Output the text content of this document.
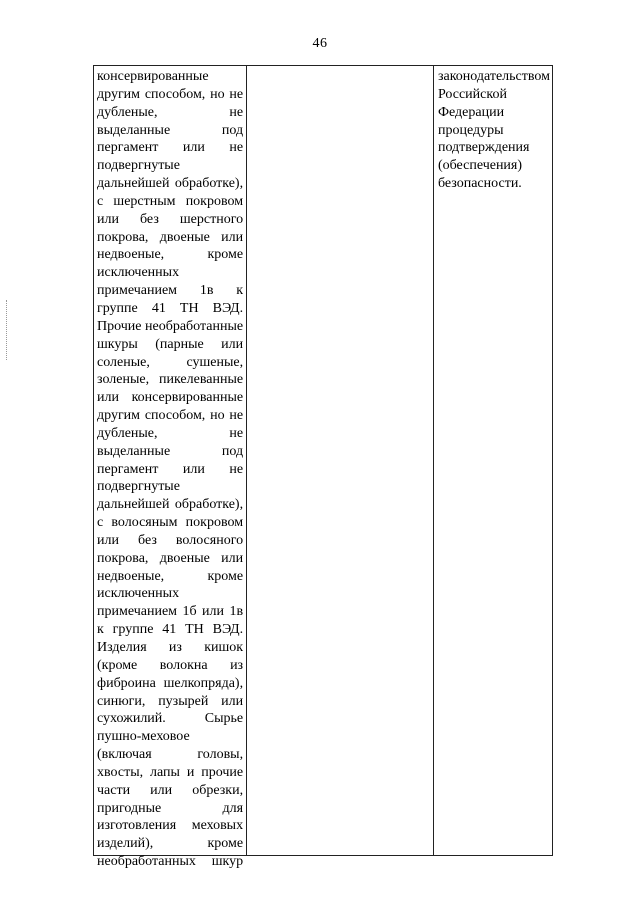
46
консервированные
другим способом, но не
дубленые, не
выделанные под
пергамент или не
подвергнутые
дальнейшей обработке),
с шерстным покровом
или без шерстного
покрова, двоеные или
недвоеные, кроме
исключенных
примечанием 1в к
группе 41 ТН ВЭД.
Прочие необработанные
шкуры (парные или
соленые, сушеные,
золеные, пикелеванные
или консервированные
другим способом, но не
дубленые, не
выделанные под
пергамент или не
подвергнутые
дальнейшей обработке),
с волосяным покровом
или без волосяного
покрова, двоеные или
недвоеные, кроме
исключенных
примечанием 1б или 1в
к группе 41 ТН ВЭД.
Изделия из кишок
(кроме волокна из
фиброина шелкопряда),
синюги, пузырей или
сухожилий. Сырье
пушно-меховое
(включая головы,
хвосты, лапы и прочие
части или обрезки,
пригодные для
изготовления меховых
изделий), кроме
необработанных шкур
законодательством
Российской
Федерации
процедуры
подтверждения
(обеспечения)
безопасности.
